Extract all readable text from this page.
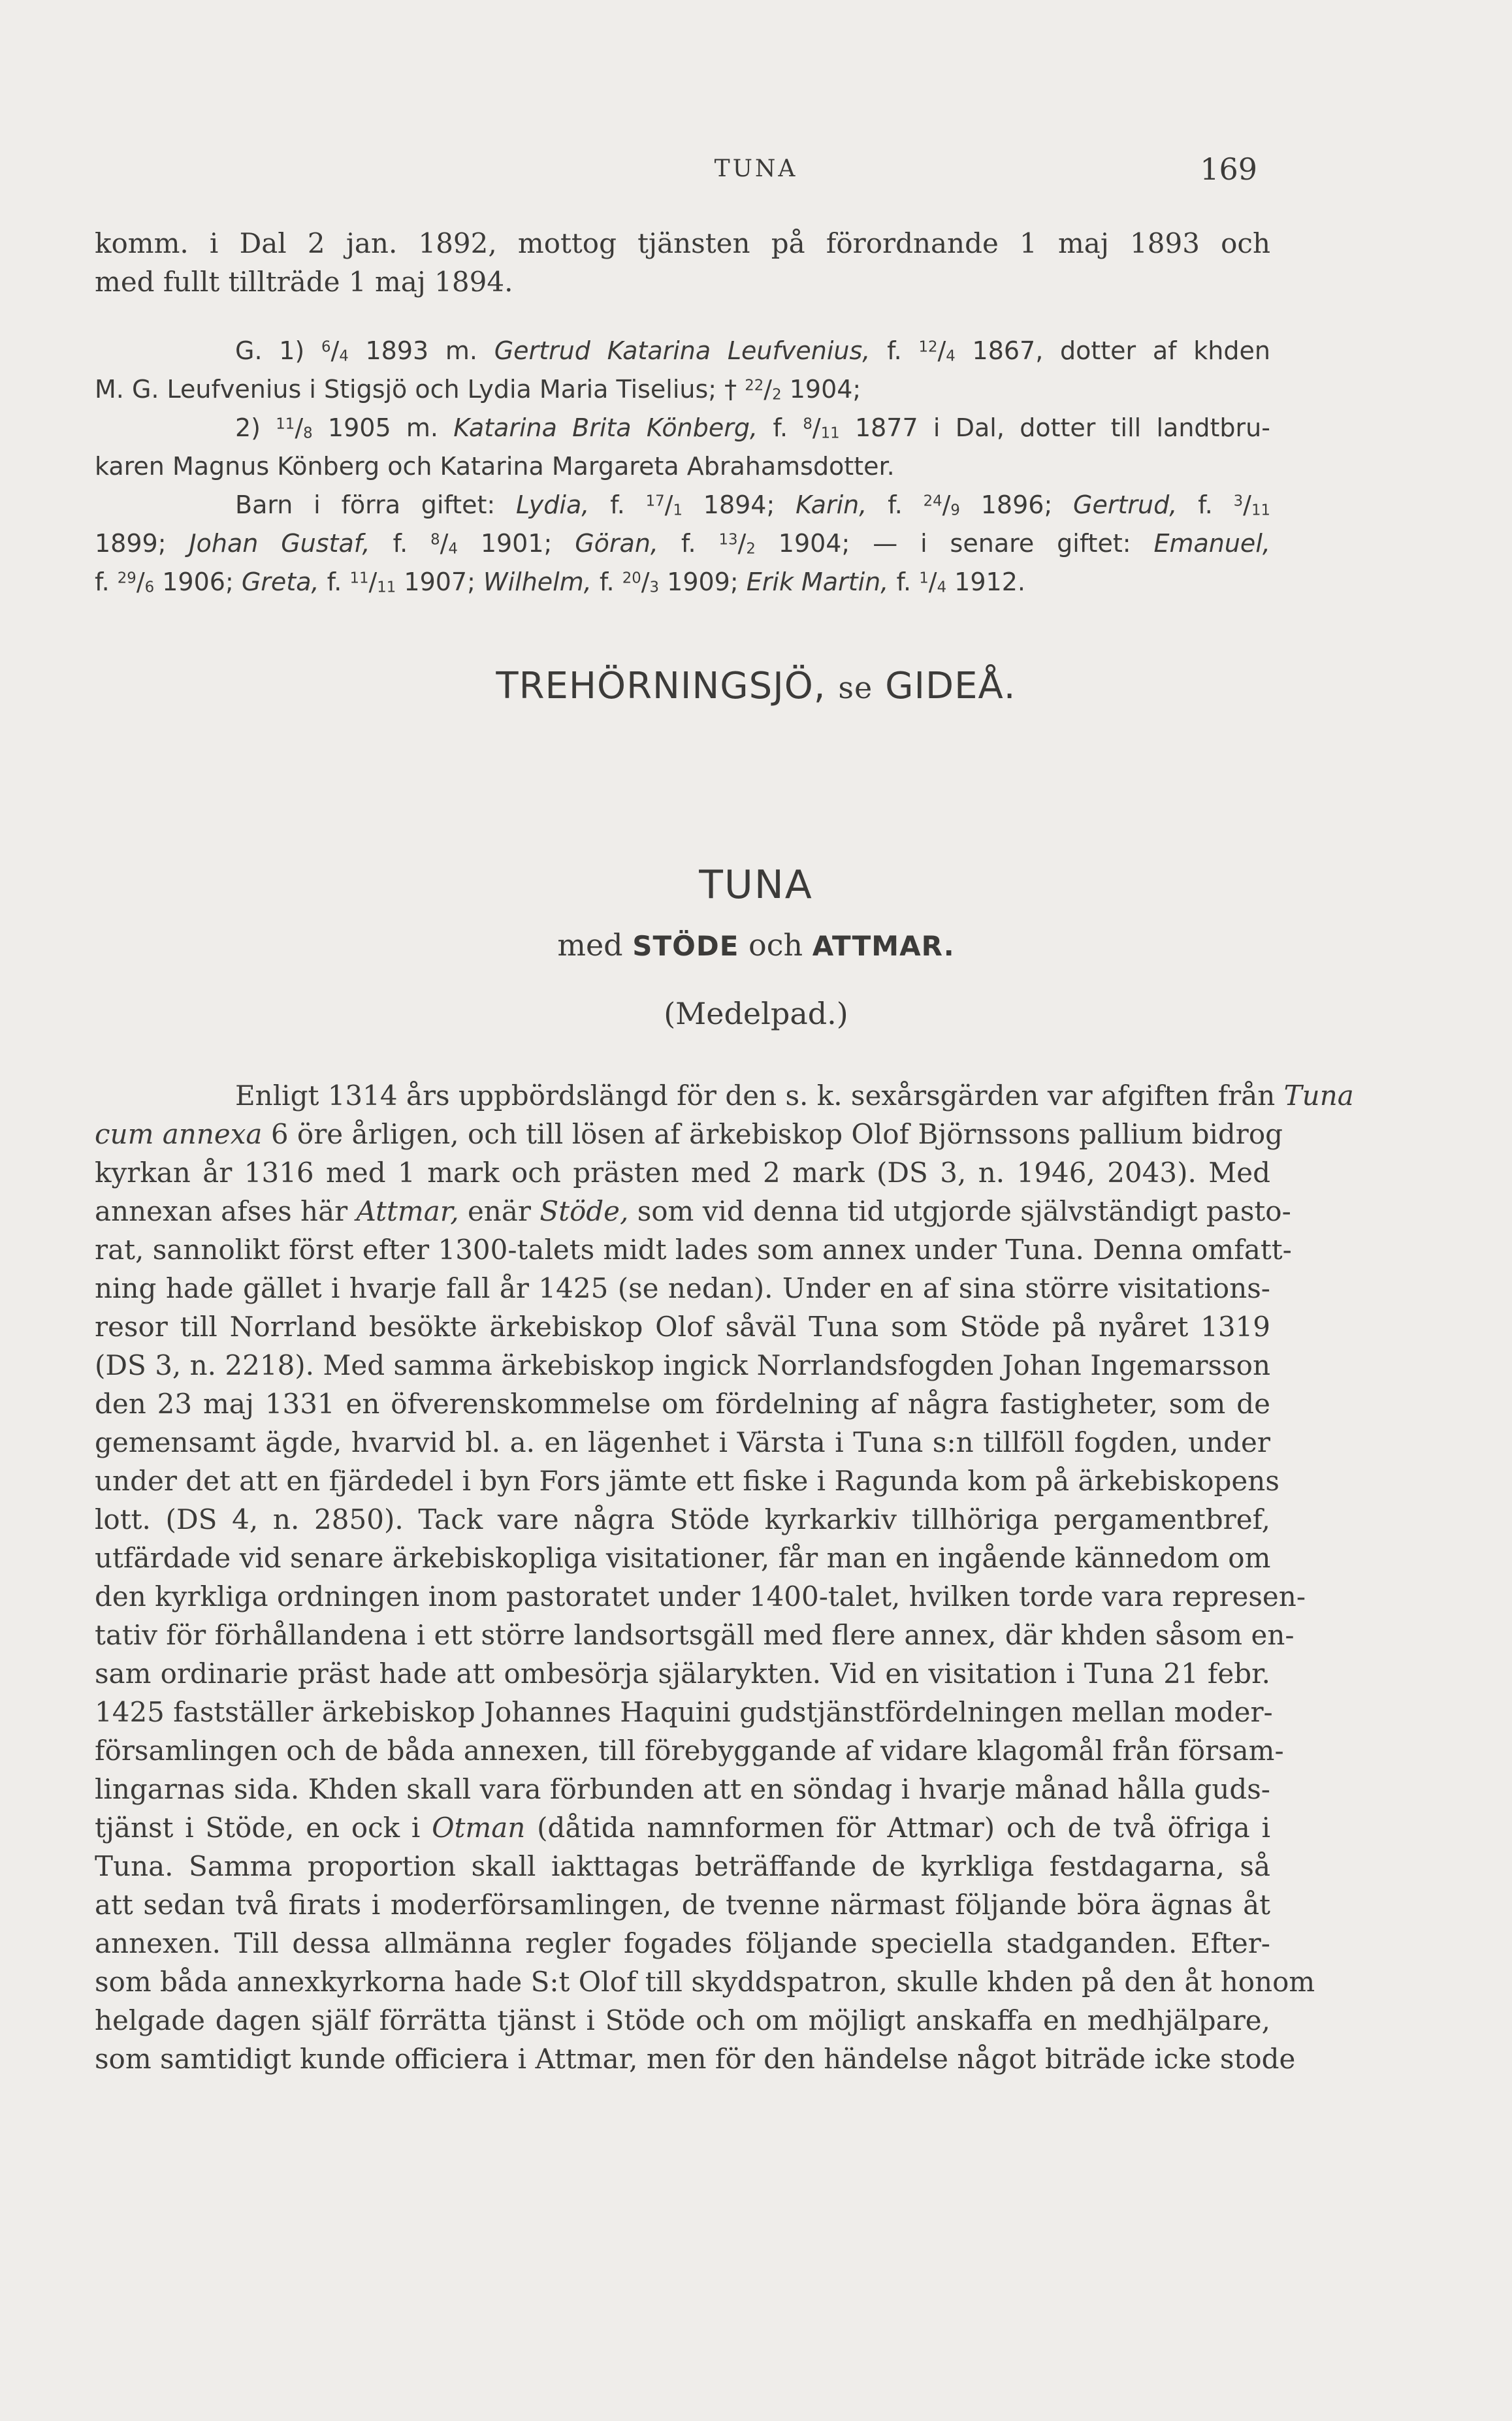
TUNA	169
komm. i Dal 2 jan. 1892, mottog tjänsten på förordnande 1 maj 1893 och
med fullt tillträde 1 maj 1894.
G. 1) $^6/_4$ 1893 m. Gertrud Katarina Leufvenius, f. $^{12}/_4$ 1867, dotter af khden
M. G. Leufvenius i Stigsjö och Lydia Maria Tiselius; † $^{22}/_2$ 1904;
2) $^{11}/_8$ 1905 m. Katarina Brita Könberg, f. $^8/_{11}$ 1877 i Dal, dotter till landtbru-
karen Magnus Könberg och Katarina Margareta Abrahamsdotter.
Barn i förra giftet: Lydia, f. $^{17}/_1$ 1894; Karin, f. $^{24}/_9$ 1896; Gertrud, f. $^3/_{11}$
1899; Johan Gustaf, f. $^8/_4$ 1901; Göran, f. $^{13}/_2$ 1904; — i senare giftet: Emanuel,
f. $^{29}/_6$ 1906; Greta, f. $^{11}/_{11}$ 1907; Wilhelm, f. $^{20}/_3$ 1909; Erik Martin, f. $^1/_4$ 1912.
TREHÖRNINGSJÖ, se GIDEÅ.
TUNA
med STÖDE och ATTMAR.
(Medelpad.)
Enligt 1314 års uppbördslängd för den s. k. sexårsgärden var afgiften från Tuna
cum annexa 6 öre årligen, och till lösen af ärkebiskop Olof Björnssons pallium bidrog
kyrkan år 1316 med 1 mark och prästen med 2 mark (DS 3, n. 1946, 2043). Med
annexan afses här Attmar, enär Stöde, som vid denna tid utgjorde självständigt pasto-
rat, sannolikt först efter 1300-talets midt lades som annex under Tuna. Denna omfatt-
ning hade gället i hvarje fall år 1425 (se nedan). Under en af sina större visitations-
resor till Norrland besökte ärkebiskop Olof såväl Tuna som Stöde på nyåret 1319
(DS 3, n. 2218). Med samma ärkebiskop ingick Norrlandsfogden Johan Ingemarsson
den 23 maj 1331 en öfverenskommelse om fördelning af några fastigheter, som de
gemensamt ägde, hvarvid bl. a. en lägenhet i Värsta i Tuna s:n tillföll fogden, under
under det att en fjärdedel i byn Fors jämte ett fiske i Ragunda kom på ärkebiskopens
lott. (DS 4, n. 2850). Tack vare några Stöde kyrkarkiv tillhöriga pergamentbref,
utfärdade vid senare ärkebiskopliga visitationer, får man en ingående kännedom om
den kyrkliga ordningen inom pastoratet under 1400-talet, hvilken torde vara represen-
tativ för förhållandena i ett större landsortsgäll med flere annex, där khden såsom en-
sam ordinarie präst hade att ombesörja själarykten. Vid en visitation i Tuna 21 febr.
1425 fastställer ärkebiskop Johannes Haquini gudstjänstfördelningen mellan moder-
församlingen och de båda annexen, till förebyggande af vidare klagomål från försam-
lingarnas sida. Khden skall vara förbunden att en söndag i hvarje månad hålla guds-
tjänst i Stöde, en ock i Otman (dåtida namnformen för Attmar) och de två öfriga i
Tuna. Samma proportion skall iakttagas beträffande de kyrkliga festdagarna, så
att sedan två firats i moderförsamlingen, de tvenne närmast följande böra ägnas åt
annexen. Till dessa allmänna regler fogades följande speciella stadganden. Efter-
som båda annexkyrkorna hade S:t Olof till skyddspatron, skulle khden på den åt honom
helgade dagen själf förrätta tjänst i Stöde och om möjligt anskaffa en medhjälpare,
som samtidigt kunde officiera i Attmar, men för den händelse något biträde icke stode
